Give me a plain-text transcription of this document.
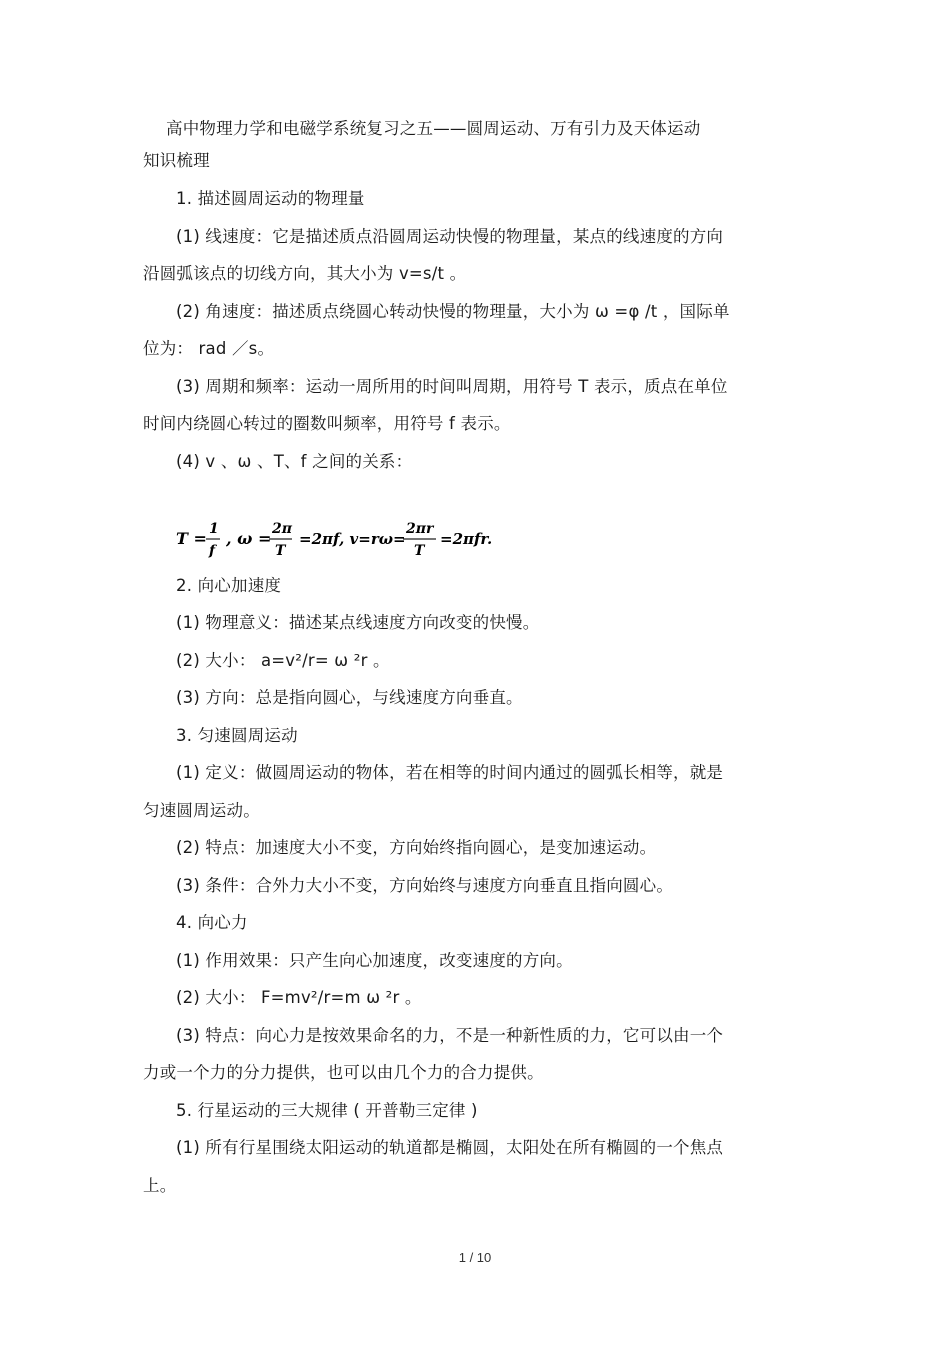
高中物理力学和电磁学系统复习之五——圆周运动、万有引力及天体运动
知识梳理
1. 描述圆周运动的物理量
(1) 线速度：它是描述质点沿圆周运动快慢的物理量，某点的线速度的方向
沿圆弧该点的切线方向，其大小为 v=s/t 。
(2) 角速度：描述质点绕圆心转动快慢的物理量，大小为 ω =φ /t ，国际单
位为： rad ／s。
(3) 周期和频率：运动一周所用的时间叫周期，用符号 T 表示，质点在单位
时间内绕圆心转过的圈数叫频率，用符号 f 表示。
(4) v 、ω 、T、f 之间的关系：
T = 1
f
, ω = 2π
T
=2πf, v=rω=
2πr
T
=2πfr.
2. 向心加速度
(1) 物理意义：描述某点线速度方向改变的快慢。
(2) 大小： a=v²/r= ω ²r 。
(3) 方向：总是指向圆心，与线速度方向垂直。
3. 匀速圆周运动
(1) 定义：做圆周运动的物体，若在相等的时间内通过的圆弧长相等，就是
匀速圆周运动。
(2) 特点：加速度大小不变，方向始终指向圆心，是变加速运动。
(3) 条件：合外力大小不变，方向始终与速度方向垂直且指向圆心。
4. 向心力
(1) 作用效果：只产生向心加速度，改变速度的方向。
(2) 大小： F=mv²/r=m ω ²r 。
(3) 特点：向心力是按效果命名的力，不是一种新性质的力，它可以由一个
力或一个力的分力提供，也可以由几个力的合力提供。
5. 行星运动的三大规律 ( 开普勒三定律 )
(1) 所有行星围绕太阳运动的轨道都是椭圆，太阳处在所有椭圆的一个焦点
上。
1 / 10
